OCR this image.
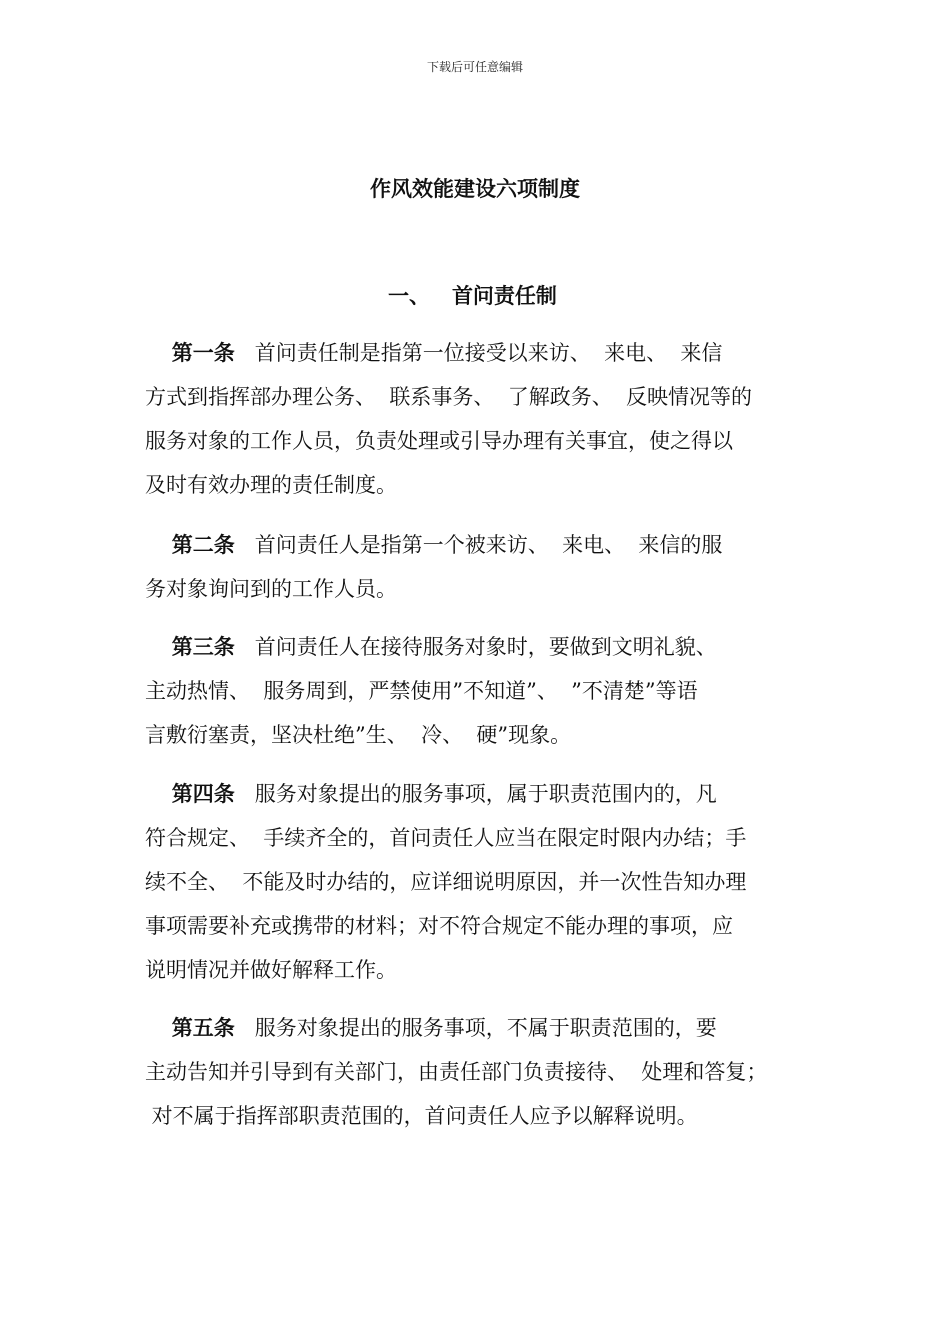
下载后可任意编辑
作风效能建设六项制度
一、 首问责任制
第一条 首问责任制是指第一位接受以来访、  来电、  来信
方式到指挥部办理公务、  联系事务、  了解政务、  反映情况等的
服务对象的工作人员，负责处理或引导办理有关事宜，使之得以
及时有效办理的责任制度。
第二条 首问责任人是指第一个被来访、  来电、  来信的服
务对象询问到的工作人员。
第三条 首问责任人在接待服务对象时，要做到文明礼貌、
主动热情、  服务周到，严禁使用”不知道”、  ”不清楚”等语
言敷衍塞责，坚决杜绝”生、  冷、  硬”现象。
第四条 服务对象提出的服务事项，属于职责范围内的，凡
符合规定、  手续齐全的，首问责任人应当在限定时限内办结；手
续不全、  不能及时办结的，应详细说明原因，并一次性告知办理
事项需要补充或携带的材料；对不符合规定不能办理的事项，应
说明情况并做好解释工作。
第五条 服务对象提出的服务事项，不属于职责范围的，要
主动告知并引导到有关部门，由责任部门负责接待、  处理和答复；
对不属于指挥部职责范围的，首问责任人应予以解释说明。
